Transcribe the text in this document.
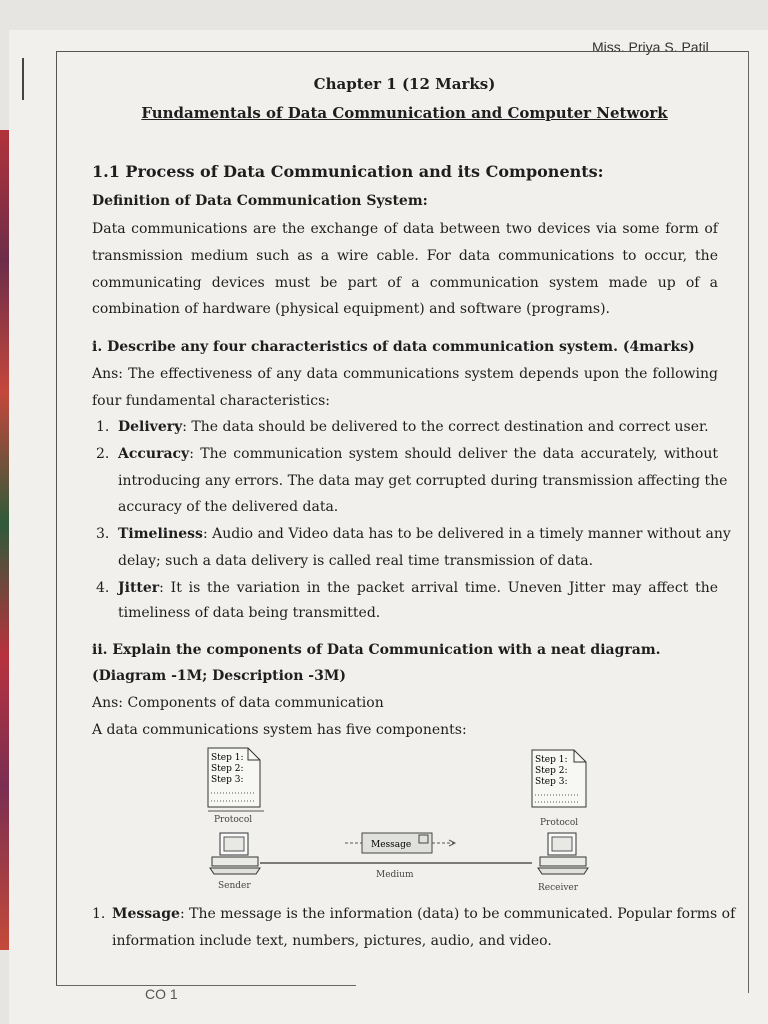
Miss. Priya S. Patil
Chapter 1 (12 Marks)
Fundamentals of Data Communication and Computer Network
1.1 Process of Data Communication and its Components:
Definition of Data Communication System:
Data communications are the exchange of data between two devices via some form of
transmission medium such as a wire cable. For data communications to occur, the
communicating devices must be part of a communication system made up of a
combination of hardware (physical equipment) and software (programs).
i. Describe any four characteristics of data communication system. (4marks)
Ans: The effectiveness of any data communications system depends upon the following
four fundamental characteristics:
1. Delivery: The data should be delivered to the correct destination and correct user.
2. Accuracy: The communication system should deliver the data accurately, without
introducing any errors. The data may get corrupted during transmission affecting the
accuracy of the delivered data.
3. Timeliness: Audio and Video data has to be delivered in a timely manner without any
delay; such a data delivery is called real time transmission of data.
4. Jitter: It is the variation in the packet arrival time. Uneven Jitter may affect the
timeliness of data being transmitted.
ii. Explain the components of Data Communication with a neat diagram.
(Diagram -1M; Description -3M)
Ans: Components of data communication
A data communications system has five components:
Step 1:
Step 2:
Step 3:
Protocol
Step 1:
Step 2:
Step 3:
Protocol
Message
Medium
Sender	Receiver
1. Message: The message is the information (data) to be communicated. Popular forms of
information include text, numbers, pictures, audio, and video.
CO 1
